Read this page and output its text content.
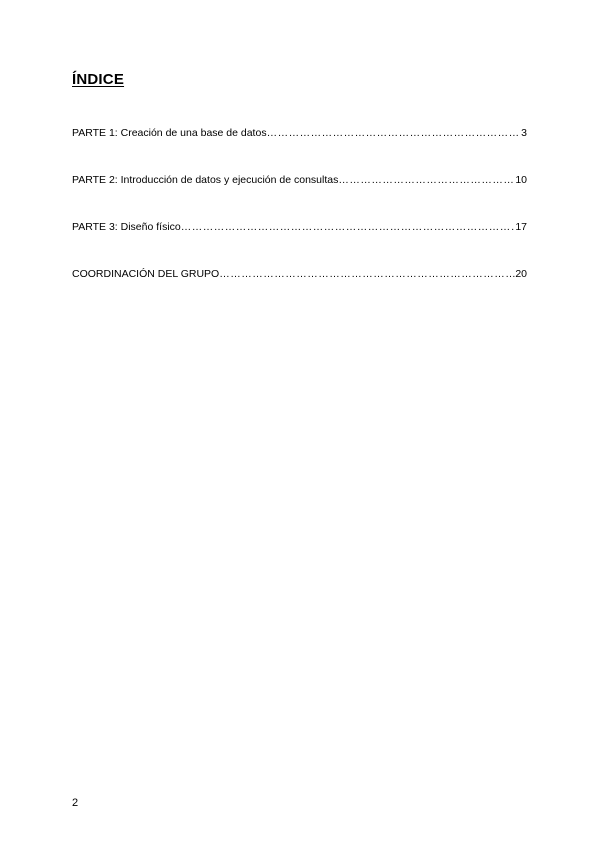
ÍNDICE
PARTE 1: Creación de una base de datos ……………………………………………………………………………………………………………………………………………………………………………………	3
PARTE 2: Introducción de datos y ejecución de consultas ……………………………………………………………………………………………………………………………………………………………………………………	10
PARTE 3: Diseño físico ……………………………………………………………………………………………………………………………………………………………………………………	17
COORDINACIÓN DEL GRUPO ……………………………………………………………………………………………………………………………………………………………………………………	20
2
